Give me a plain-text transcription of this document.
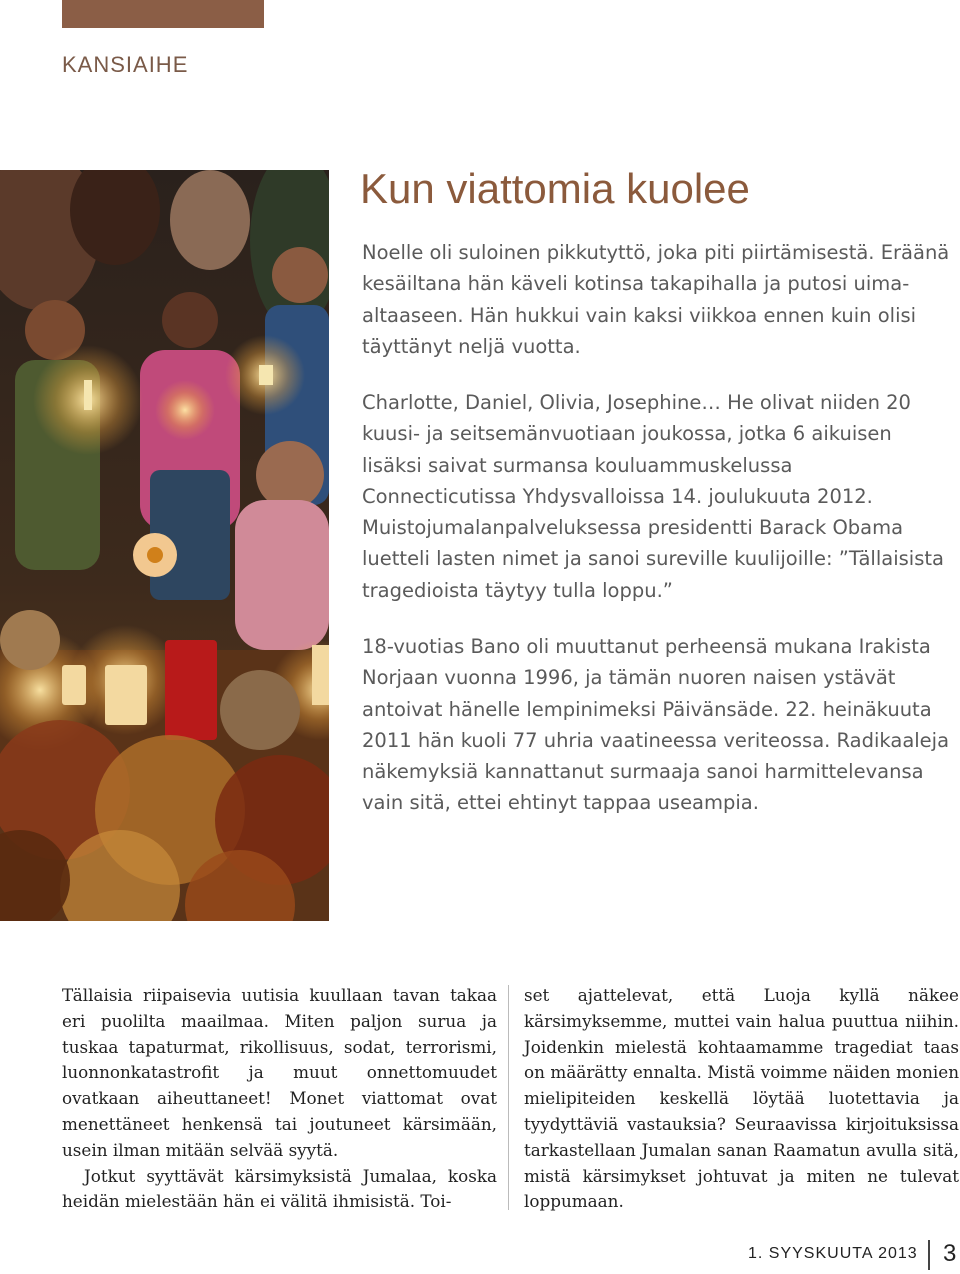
KANSIAIHE
Kun viattomia kuolee

Noelle oli suloinen pikkutyttö, joka piti piirtämisestä. Eräänä kesäiltana hän käveli kotinsa takapihalla ja putosi uima-altaaseen. Hän hukkui vain kaksi viikkoa ennen kuin olisi täyttänyt neljä vuotta.

Charlotte, Daniel, Olivia, Josephine… He olivat niiden 20 kuusi- ja seitsemänvuotiaan joukossa, jotka 6 aikuisen lisäksi saivat surmansa kouluammuskelussa Connecticutissa Yhdysvalloissa 14. joulukuuta 2012. Muistojumalanpalveluksessa presidentti Barack Obama luetteli lasten nimet ja sanoi sureville kuulijoille: ”Tällaisista tragedioista täytyy tulla loppu.”

18-vuotias Bano oli muuttanut perheensä mukana Irakista Norjaan vuonna 1996, ja tämän nuoren naisen ystävät antoivat hänelle lempinimeksi Päivänsäde. 22. heinäkuuta 2011 hän kuoli 77 uhria vaatineessa veriteossa. Radikaaleja näkemyksiä kannattanut surmaaja sanoi harmittelevansa vain sitä, ettei ehtinyt tappaa useampia.

Tällaisia riipaisevia uutisia kuullaan tavan takaa eri puolilta maailmaa. Miten paljon surua ja tuskaa tapaturmat, rikollisuus, sodat, terrorismi, luonnonkatastrofit ja muut onnettomuudet ovatkaan aiheuttaneet! Monet viattomat ovat menettäneet henkensä tai joutuneet kärsimään, usein ilman mitään selvää syytä.

Jotkut syyttävät kärsimyksistä Jumalaa, koska heidän mielestään hän ei välitä ihmisistä. Toi-

set ajattelevat, että Luoja kyllä näkee kärsimyksemme, muttei vain halua puuttua niihin. Joidenkin mielestä kohtaamamme tragediat taas on määrätty ennalta. Mistä voimme näiden monien mielipiteiden keskellä löytää luotettavia ja tyydyttäviä vastauksia? Seuraavissa kirjoituksissa tarkastellaan Jumalan sanan Raamatun avulla sitä, mistä kärsimykset johtuvat ja miten ne tulevat loppumaan.

1. SYYSKUUTA 2013 3
